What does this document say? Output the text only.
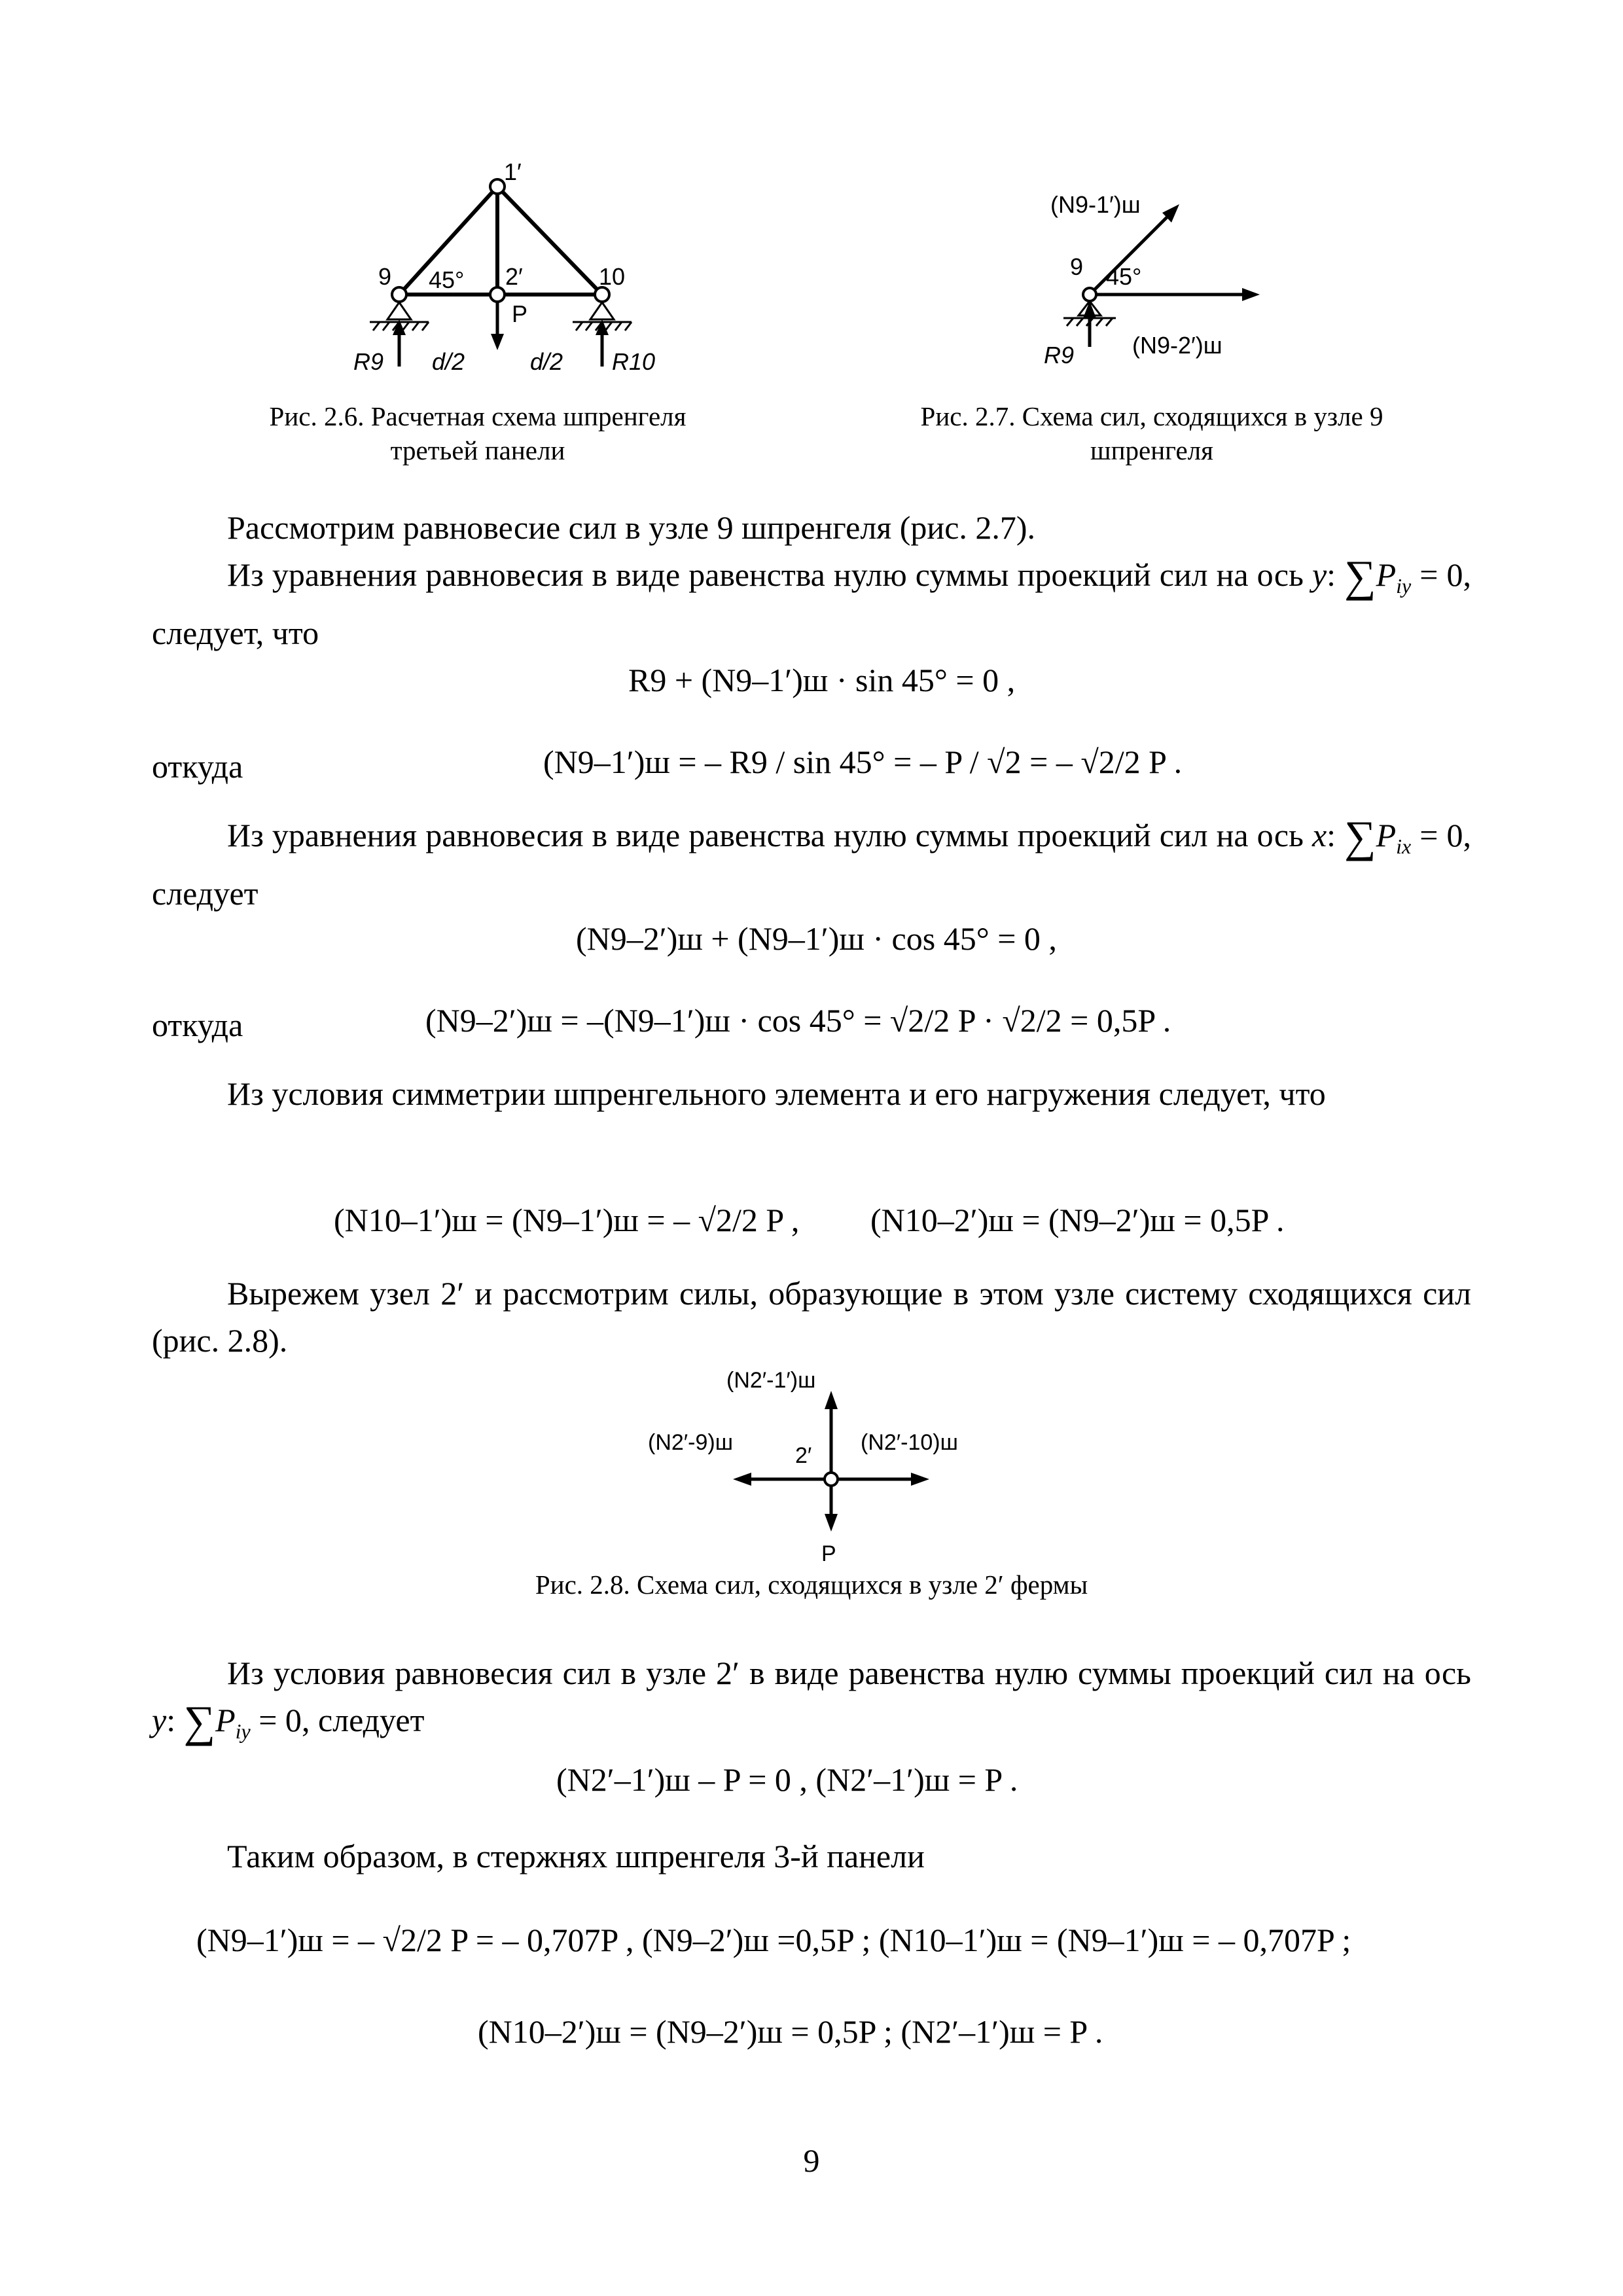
1′
9	10
45° 2′
P
R9 d/2	d/2 R10
Рис. 2.6. Расчетная схема шпренгеля
третьей панели
(N9-1′)ш
9 45°
R9 (N9-2′)ш
Рис. 2.7. Схема сил, сходящихся в узле 9
шпренгеля
Рассмотрим равновесие сил в узле 9 шпренгеля (рис. 2.7).
Из уравнения равновесия в виде равенства нулю суммы проекций сил на ось y: $\sum P_{iy} = 0$, следует, что
R9 + (N9–1′)ш · sin 45° = 0 ,
откуда	(N9–1′)ш = – R9 / sin 45° = – P / √2 = – √2/2 P .
Из уравнения равновесия в виде равенства нулю суммы проекций сил на ось x: $\sum P_{ix} = 0$, следует
(N9–2′)ш + (N9–1′)ш · cos 45° = 0 ,
откуда	(N9–2′)ш = –(N9–1′)ш · cos 45° = √2/2 P · √2/2 = 0,5P .
Из условия симметрии шпренгельного элемента и его нагружения следует, что
(N10–1′)ш = (N9–1′)ш = – √2/2 P , (N10–2′)ш = (N9–2′)ш = 0,5P .
Вырежем узел 2′ и рассмотрим силы, образующие в этом узле систему сходящихся сил (рис. 2.8).
(N2′-1′)ш
(N2′-9)ш
2′
(N2′-10)ш
P
Рис. 2.8. Схема сил, сходящихся в узле 2′ фермы
Из условия равновесия сил в узле 2′ в виде равенства нулю суммы проекций сил на ось y: $\sum P_{iy} = 0$, следует
(N2′–1′)ш – P = 0 , (N2′–1′)ш = P .
Таким образом, в стержнях шпренгеля 3-й панели
(N9–1′)ш = – √2/2 P = – 0,707P , (N9–2′)ш =0,5P ; (N10–1′)ш = (N9–1′)ш = – 0,707P ;
(N10–2′)ш = (N9–2′)ш = 0,5P ; (N2′–1′)ш = P .
9
